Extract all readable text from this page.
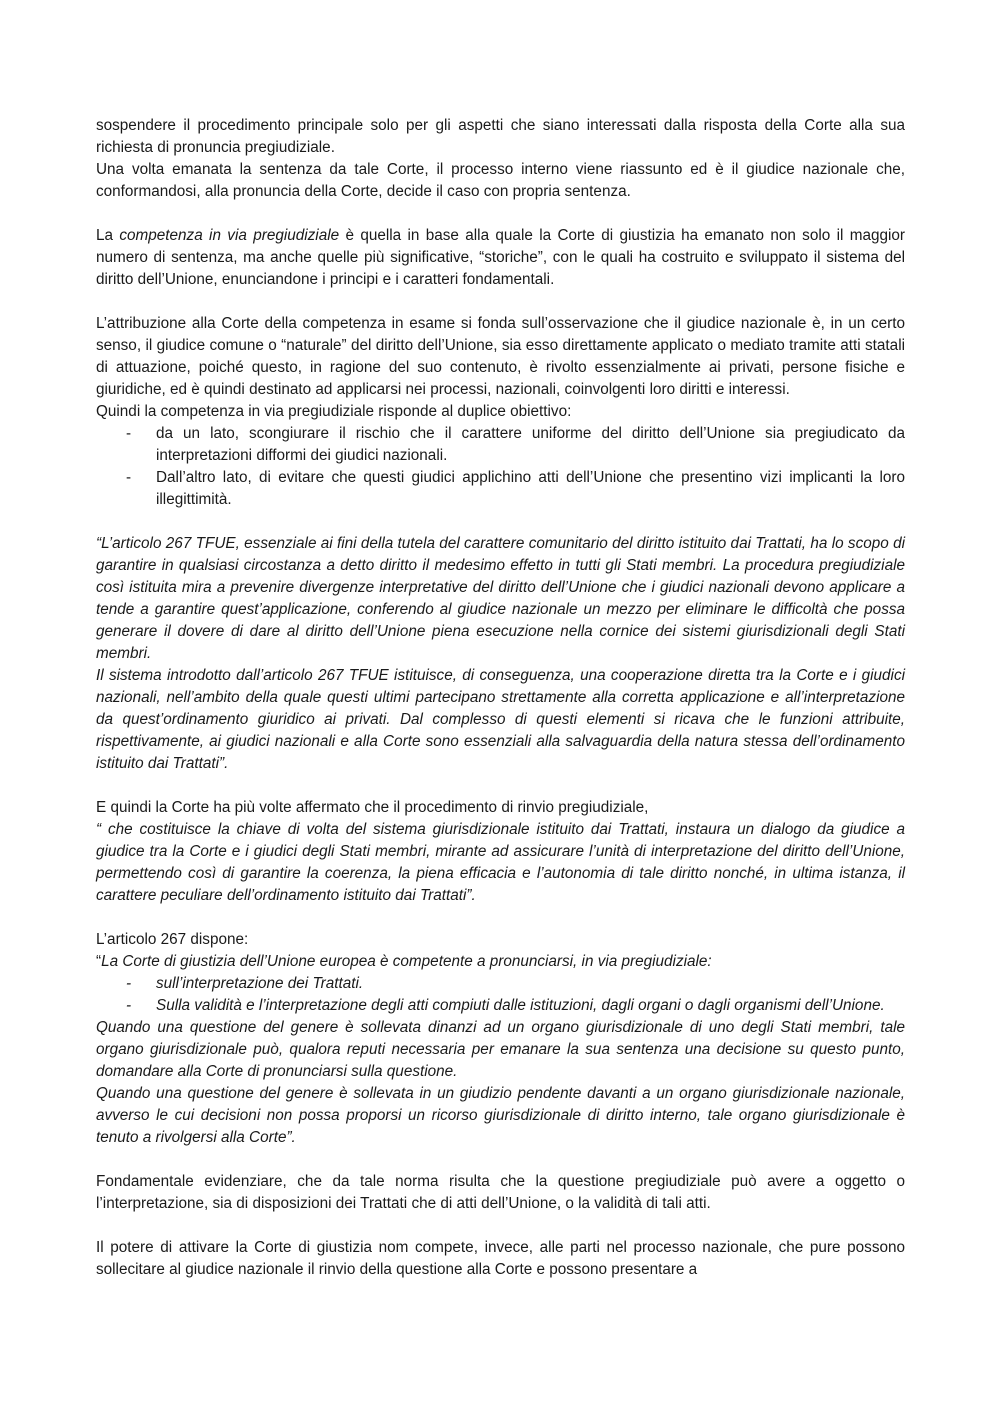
sospendere il procedimento principale solo per gli aspetti che siano interessati dalla risposta della Corte alla sua richiesta di pronuncia pregiudiziale.

Una volta emanata la sentenza da tale Corte, il processo interno viene riassunto ed è il giudice nazionale che, conformandosi, alla pronuncia della Corte, decide il caso con propria sentenza.

La competenza in via pregiudiziale è quella in base alla quale la Corte di giustizia ha emanato non solo il maggior numero di sentenza, ma anche quelle più significative, “storiche”, con le quali ha costruito e sviluppato il sistema del diritto dell’Unione, enunciandone i principi e i caratteri fondamentali.

L’attribuzione alla Corte della competenza in esame si fonda sull’osservazione che il giudice nazionale è, in un certo senso, il giudice comune o “naturale” del diritto dell’Unione, sia esso direttamente applicato o mediato tramite atti statali di attuazione, poiché questo, in ragione del suo contenuto, è rivolto essenzialmente ai privati, persone fisiche e giuridiche, ed è quindi destinato ad applicarsi nei processi, nazionali, coinvolgenti loro diritti e interessi.

Quindi la competenza in via pregiudiziale risponde al duplice obiettivo:

- da un lato, scongiurare il rischio che il carattere uniforme del diritto dell’Unione sia pregiudicato da interpretazioni difformi dei giudici nazionali.
- Dall’altro lato, di evitare che questi giudici applichino atti dell’Unione che presentino vizi implicanti la loro illegittimità.

“L’articolo 267 TFUE, essenziale ai fini della tutela del carattere comunitario del diritto istituito dai Trattati, ha lo scopo di garantire in qualsiasi circostanza a detto diritto il medesimo effetto in tutti gli Stati membri. La procedura pregiudiziale così istituita mira a prevenire divergenze interpretative del diritto dell’Unione che i giudici nazionali devono applicare a tende a garantire quest’applicazione, conferendo al giudice nazionale un mezzo per eliminare le difficoltà che possa generare il dovere di dare al diritto dell’Unione piena esecuzione nella cornice dei sistemi giurisdizionali degli Stati membri.

Il sistema introdotto dall’articolo 267 TFUE istituisce, di conseguenza, una cooperazione diretta tra la Corte e i giudici nazionali, nell’ambito della quale questi ultimi partecipano strettamente alla corretta applicazione e all’interpretazione da quest’ordinamento giuridico ai privati. Dal complesso di questi elementi si ricava che le funzioni attribuite, rispettivamente, ai giudici nazionali e alla Corte sono essenziali alla salvaguardia della natura stessa dell’ordinamento istituito dai Trattati”.

E quindi la Corte ha più volte affermato che il procedimento di rinvio pregiudiziale,

“ che costituisce la chiave di volta del sistema giurisdizionale istituito dai Trattati, instaura un dialogo da giudice a giudice tra la Corte e i giudici degli Stati membri, mirante ad assicurare l’unità di interpretazione del diritto dell’Unione, permettendo così di garantire la coerenza, la piena efficacia e l’autonomia di tale diritto nonché, in ultima istanza, il carattere peculiare dell’ordinamento istituito dai Trattati”.

L’articolo 267 dispone:

“La Corte di giustizia dell’Unione europea è competente a pronunciarsi, in via pregiudiziale:

- sull’interpretazione dei Trattati.
- Sulla validità e l’interpretazione degli atti compiuti dalle istituzioni, dagli organi o dagli organismi dell’Unione.

Quando una questione del genere è sollevata dinanzi ad un organo giurisdizionale di uno degli Stati membri, tale organo giurisdizionale può, qualora reputi necessaria per emanare la sua sentenza una decisione su questo punto, domandare alla Corte di pronunciarsi sulla questione.

Quando una questione del genere è sollevata in un giudizio pendente davanti a un organo giurisdizionale nazionale, avverso le cui decisioni non possa proporsi un ricorso giurisdizionale di diritto interno, tale organo giurisdizionale è tenuto a rivolgersi alla Corte”.

Fondamentale evidenziare, che da tale norma risulta che la questione pregiudiziale può avere a oggetto o l’interpretazione, sia di disposizioni dei Trattati che di atti dell’Unione, o la validità di tali atti.

Il potere di attivare la Corte di giustizia nom compete, invece, alle parti nel processo nazionale, che pure possono sollecitare al giudice nazionale il rinvio della questione alla Corte e possono presentare a
